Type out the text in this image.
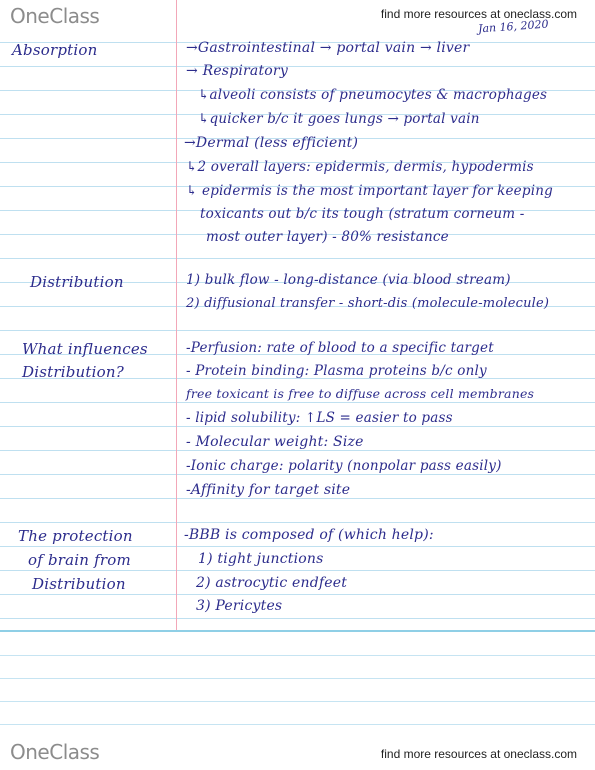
OneClass	find more resources at oneclass.com
Jan 16, 2020
Absorption
Distribution
What influences
Distribution?
The protection
of brain from
Distribution
→Gastrointestinal → portal vain → liver
→ Respiratory
↳alveoli consists of pneumocytes & macrophages
↳quicker b/c it goes lungs → portal vain
→Dermal (less efficient)
↳2 overall layers: epidermis, dermis, hypodermis
↳ epidermis is the most important layer for keeping
toxicants out b/c its tough (stratum corneum -
most outer layer) - 80% resistance
1) bulk flow - long-distance (via blood stream)
2) diffusional transfer - short-dis (molecule-molecule)
-Perfusion: rate of blood to a specific target
- Protein binding: Plasma proteins b/c only
free toxicant is free to diffuse across cell membranes
- lipid solubility: ↑LS = easier to pass
- Molecular weight: Size
-Ionic charge: polarity (nonpolar pass easily)
-Affinity for target site
-BBB is composed of (which help):
1) tight junctions
2) astrocytic endfeet
3) Pericytes
OneClass	find more resources at oneclass.com
